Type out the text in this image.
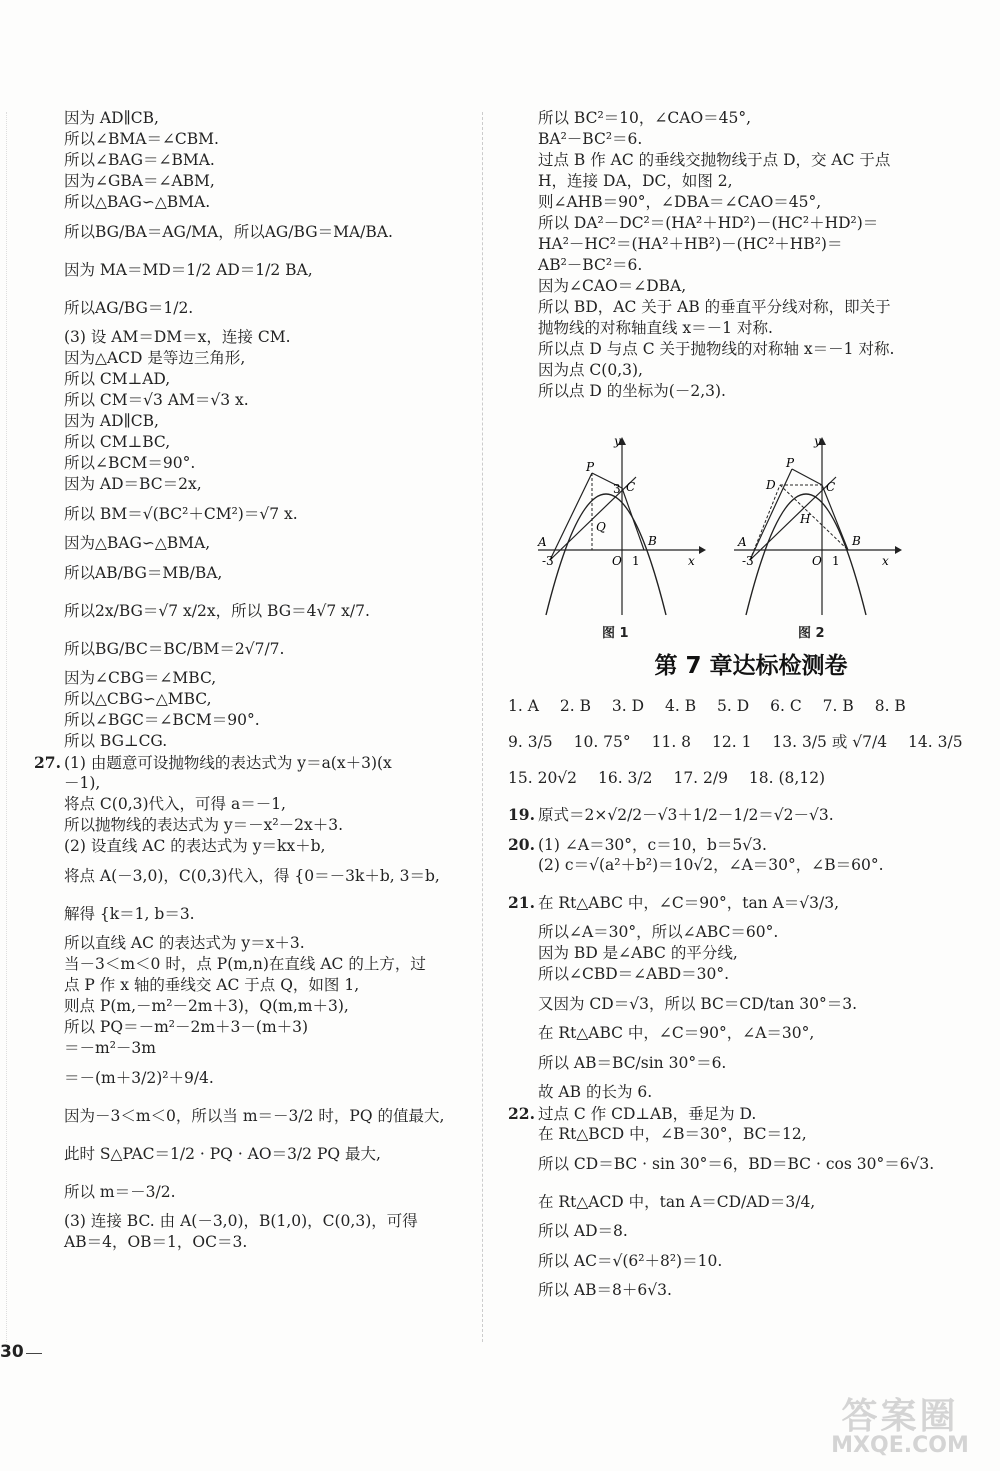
因为 AD∥CB,
所以∠BMA＝∠CBM.
所以∠BAG＝∠BMA.
因为∠GBA＝∠ABM,
所以△BAG∽△BMA.
所以BG/BA＝AG/MA，所以AG/BG＝MA/BA.
因为 MA＝MD＝1/2 AD＝1/2 BA,
所以AG/BG＝1/2.
(3) 设 AM＝DM＝x，连接 CM.
因为△ACD 是等边三角形,
所以 CM⊥AD,
所以 CM＝√3 AM＝√3 x.
因为 AD∥CB,
所以 CM⊥BC,
所以∠BCM＝90°.
因为 AD＝BC＝2x,
所以 BM＝√(BC²＋CM²)＝√7 x.
因为△BAG∽△BMA,
所以AB/BG＝MB/BA,
所以2x/BG＝√7 x/2x，所以 BG＝4√7 x/7.
所以BG/BC＝BC/BM＝2√7/7.
因为∠CBG＝∠MBC,
所以△CBG∽△MBC,
所以∠BGC＝∠BCM＝90°.
所以 BG⊥CG.
27. (1) 由题意可设抛物线的表达式为 y＝a(x＋3)(x
－1),
将点 C(0,3)代入，可得 a＝－1,
所以抛物线的表达式为 y＝－x²－2x＋3.
(2) 设直线 AC 的表达式为 y＝kx＋b,
将点 A(－3,0)，C(0,3)代入，得 {0＝－3k＋b, 3＝b,
解得 {k＝1, b＝3.
所以直线 AC 的表达式为 y＝x＋3.
当－3＜m＜0 时，点 P(m,n)在直线 AC 的上方，过
点 P 作 x 轴的垂线交 AC 于点 Q，如图 1,
则点 P(m,－m²－2m＋3)，Q(m,m＋3),
所以 PQ＝－m²－2m＋3－(m＋3)
＝－m²－3m
＝－(m＋3/2)²＋9/4.
因为－3＜m＜0，所以当 m＝－3/2 时，PQ 的值最大,
此时 S△PAC＝1/2 · PQ · AO＝3/2 PQ 最大,
所以 m＝－3/2.
(3) 连接 BC. 由 A(－3,0)，B(1,0)，C(0,3)，可得
AB＝4，OB＝1，OC＝3.
所以 BC²＝10，∠CAO＝45°,
BA²－BC²＝6.
过点 B 作 AC 的垂线交抛物线于点 D，交 AC 于点
H，连接 DA，DC，如图 2,
则∠AHB＝90°，∠DBA＝∠CAO＝45°,
所以 DA²－DC²＝(HA²＋HD²)－(HC²＋HD²)＝
HA²－HC²＝(HA²＋HB²)－(HC²＋HB²)＝
AB²－BC²＝6.
因为∠CAO＝∠DBA,
所以 BD，AC 关于 AB 的垂直平分线对称，即关于
抛物线的对称轴直线 x＝－1 对称.
所以点 D 与点 C 关于抛物线的对称轴 x＝－1 对称.
因为点 C(0,3),
所以点 D 的坐标为(－2,3).
y
P
C
3
Q
A
-3	O 1
B
x
图 1
y
D
P
C
H
A
-3	O 1
B
x
图 2
第 7 章达标检测卷
1. A 2. B 3. D 4. B 5. D 6. C 7. B 8. B
9. 3/5 10. 75° 11. 8 12. 1 13. 3/5 或 √7/4 14. 3/5
15. 20√2 16. 3/2 17. 2/9 18. (8,12)
19. 原式＝2×√2/2－√3＋1/2－1/2＝√2－√3.
20. (1) ∠A＝30°，c＝10，b＝5√3.
(2) c＝√(a²＋b²)＝10√2，∠A＝30°，∠B＝60°.
21. 在 Rt△ABC 中，∠C＝90°，tan A＝√3/3,
所以∠A＝30°，所以∠ABC＝60°.
因为 BD 是∠ABC 的平分线,
所以∠CBD＝∠ABD＝30°.
又因为 CD＝√3，所以 BC＝CD/tan 30°＝3.
在 Rt△ABC 中，∠C＝90°，∠A＝30°,
所以 AB＝BC/sin 30°＝6.
故 AB 的长为 6.
22. 过点 C 作 CD⊥AB，垂足为 D.
在 Rt△BCD 中，∠B＝30°，BC＝12,
所以 CD＝BC · sin 30°＝6，BD＝BC · cos 30°＝6√3.
在 Rt△ACD 中，tan A＝CD/AD＝3/4,
所以 AD＝8.
所以 AC＝√(6²＋8²)＝10.
所以 AB＝8＋6√3.
30
答案圈
MXQE.COM
